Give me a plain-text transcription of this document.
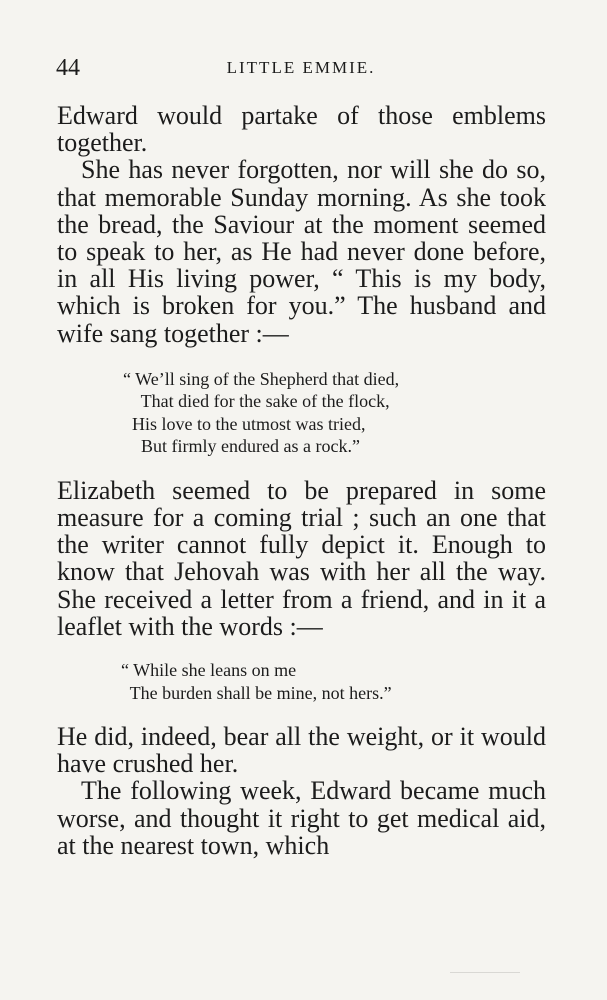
44	LITTLE EMMIE.

Edward would partake of those emblems together.

She has never forgotten, nor will she do so, that memorable Sunday morning. As she took the bread, the Saviour at the moment seemed to speak to her, as He had never done before, in all His living power, “ This is my body, which is broken for you.” The husband and wife sang together :—

“ We’ll sing of the Shepherd that died,
That died for the sake of the flock,
His love to the utmost was tried,
But firmly endured as a rock.”

Elizabeth seemed to be prepared in some measure for a coming trial ; such an one that the writer cannot fully depict it. Enough to know that Jehovah was with her all the way. She received a letter from a friend, and in it a leaflet with the words :—

“ While she leans on me
The burden shall be mine, not hers.”

He did, indeed, bear all the weight, or it would have crushed her.

The following week, Edward became much worse, and thought it right to get medical aid, at the nearest town, which
